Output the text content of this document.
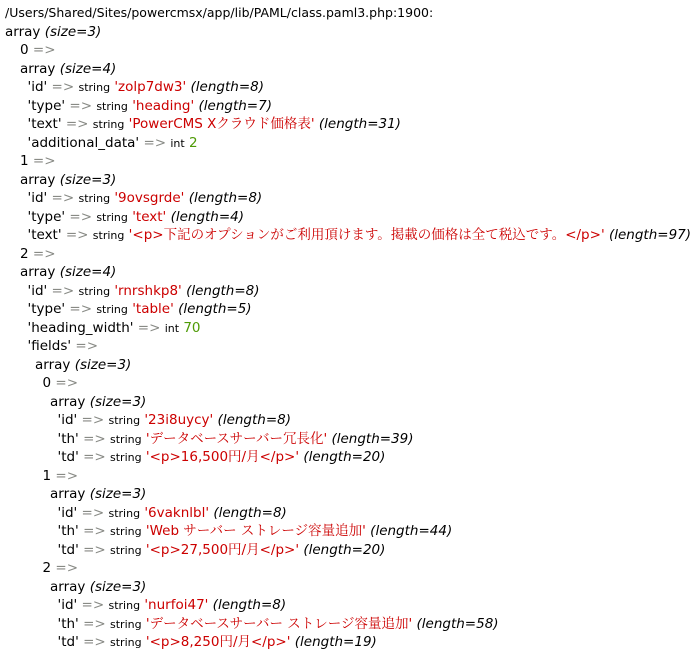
/Users/Shared/Sites/powercmsx/app/lib/PAML/class.paml3.php:1900:
array (size=3)
0 =>
array (size=4)
'id' => string 'zolp7dw3' (length=8)
'type' => string 'heading' (length=7)
'text' => string 'PowerCMS Xクラウド価格表' (length=31)
'additional_data' => int 2
1 =>
array (size=3)
'id' => string '9ovsgrde' (length=8)
'type' => string 'text' (length=4)
'text' => string '<p>下記のオプションがご利用頂けます。掲載の価格は全て税込です。</p>' (length=97)
2 =>
array (size=4)
'id' => string 'rnrshkp8' (length=8)
'type' => string 'table' (length=5)
'heading_width' => int 70
'fields' =>
array (size=3)
0 =>
array (size=3)
'id' => string '23i8uycy' (length=8)
'th' => string 'データベースサーバー冗長化' (length=39)
'td' => string '<p>16,500円/月</p>' (length=20)
1 =>
array (size=3)
'id' => string '6vaknlbl' (length=8)
'th' => string 'Web サーバー ストレージ容量追加' (length=44)
'td' => string '<p>27,500円/月</p>' (length=20)
2 =>
array (size=3)
'id' => string 'nurfoi47' (length=8)
'th' => string 'データベースサーバー ストレージ容量追加' (length=58)
'td' => string '<p>8,250円/月</p>' (length=19)
